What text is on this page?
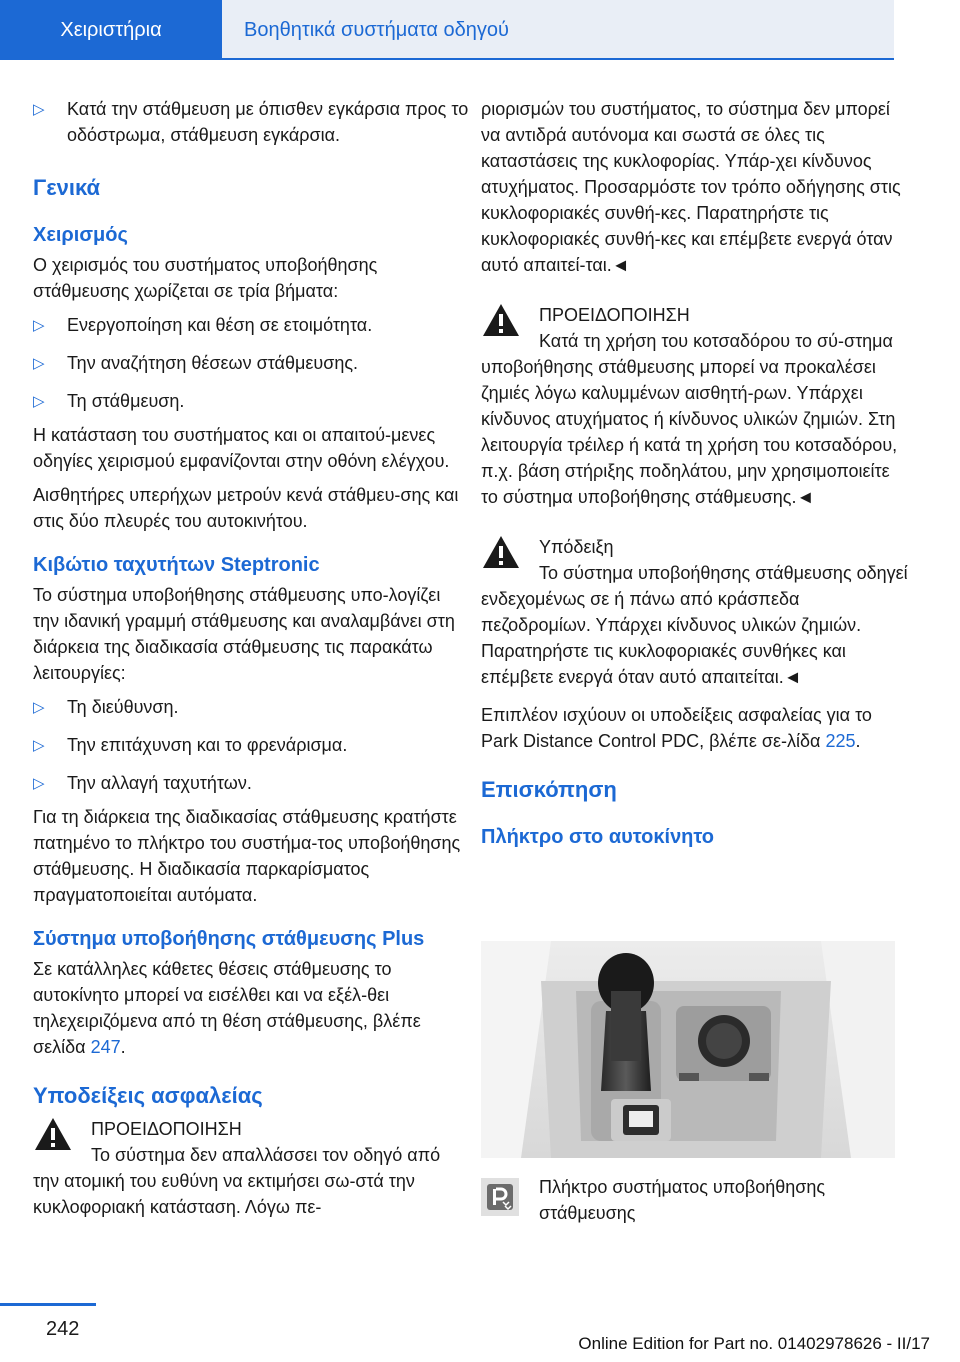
Χειριστήρια	Βοηθητικά συστήματα οδηγού
▷ Κατά την στάθμευση με όπισθεν εγκάρσια προς το οδόστρωμα, στάθμευση εγκάρσια.
Γενικά
Χειρισμός

Ο χειρισμός του συστήματος υποβοήθησης στάθμευσης χωρίζεται σε τρία βήματα:

▷ Ενεργοποίηση και θέση σε ετοιμότητα.
▷ Την αναζήτηση θέσεων στάθμευσης.
▷ Τη στάθμευση.

Η κατάσταση του συστήματος και οι απαιτού-μενες οδηγίες χειρισμού εμφανίζονται στην οθόνη ελέγχου.

Αισθητήρες υπερήχων μετρούν κενά στάθμευ-σης και στις δύο πλευρές του αυτοκινήτου.

Κιβώτιο ταχυτήτων Steptronic

Το σύστημα υποβοήθησης στάθμευσης υπο-λογίζει την ιδανική γραμμή στάθμευσης και αναλαμβάνει στη διάρκεια της διαδικασία στάθμευσης τις παρακάτω λειτουργίες:

▷ Τη διεύθυνση.
▷ Την επιτάχυνση και το φρενάρισμα.
▷ Την αλλαγή ταχυτήτων.

Για τη διάρκεια της διαδικασίας στάθμευσης κρατήστε πατημένο το πλήκτρο του συστήμα-τος υποβοήθησης στάθμευσης. Η διαδικασία παρκαρίσματος πραγματοποιείται αυτόματα.

Σύστημα υποβοήθησης στάθμευσης Plus

Σε κατάλληλες κάθετες θέσεις στάθμευσης το αυτοκίνητο μπορεί να εισέλθει και να εξέλ-θει τηλεχειριζόμενα από τη θέση στάθμευσης, βλέπε σελίδα 247.

Υποδείξεις ασφαλείας
ΠΡΟΕΙΔΟΠΟΙΗΣΗ
Το σύστημα δεν απαλλάσσει τον οδηγό από την ατομική του ευθύνη να εκτιμήσει σω-στά την κυκλοφοριακή κατάσταση. Λόγω πε-

ριορισμών του συστήματος, το σύστημα δεν μπορεί να αντιδρά αυτόνομα και σωστά σε όλες τις καταστάσεις της κυκλοφορίας. Υπάρ-χει κίνδυνος ατυχήματος. Προσαρμόστε τον τρόπο οδήγησης στις κυκλοφοριακές συνθή-κες. Παρατηρήστε τις κυκλοφοριακές συνθή-κες και επέμβετε ενεργά όταν αυτό απαιτεί-ται.◄

ΠΡΟΕΙΔΟΠΟΙΗΣΗ
Κατά τη χρήση του κοτσαδόρου το σύ-στημα υποβοήθησης στάθμευσης μπορεί να προκαλέσει ζημιές λόγω καλυμμένων αισθητή-ρων. Υπάρχει κίνδυνος ατυχήματος ή κίνδυνος υλικών ζημιών. Στη λειτουργία τρέιλερ ή κατά τη χρήση του κοτσαδόρου, π.χ. βάση στήριξης ποδηλάτου, μην χρησιμοποιείτε το σύστημα υποβοήθησης στάθμευσης.◄
Υπόδειξη
Το σύστημα υποβοήθησης στάθμευσης οδηγεί ενδεχομένως σε ή πάνω από κράσπεδα πεζοδρομίων. Υπάρχει κίνδυνος υλικών ζημιών. Παρατηρήστε τις κυκλοφοριακές συνθήκες και επέμβετε ενεργά όταν αυτό απαιτείται.◄

Επιπλέον ισχύουν οι υποδείξεις ασφαλείας για το Park Distance Control PDC, βλέπε σε-λίδα 225.

Επισκόπηση
Πλήκτρο στο αυτοκίνητο
Πλήκτρο συστήματος υποβοήθησης στάθμευσης
242
Online Edition for Part no. 01402978626 - II/17
